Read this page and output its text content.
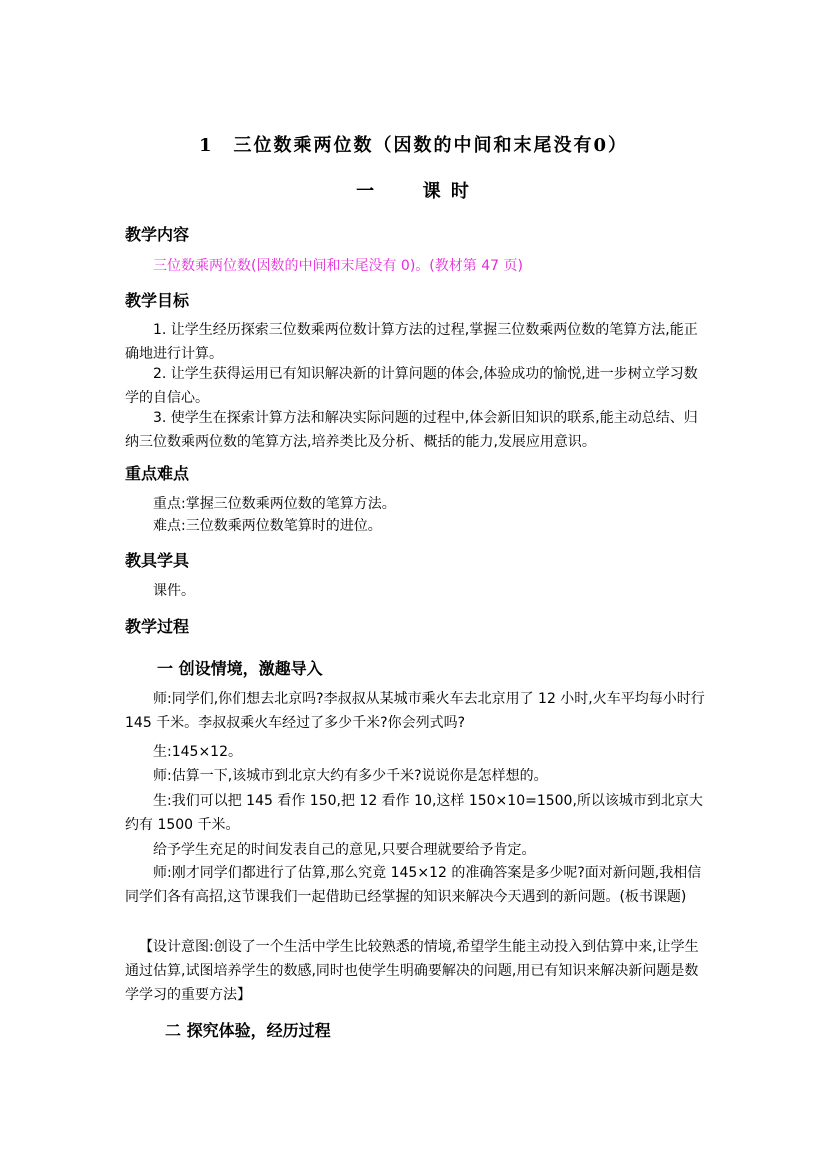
1　三位数乘两位数（因数的中间和末尾没有0）
一	课 时
教学内容
三位数乘两位数(因数的中间和末尾没有 0)。(教材第 47 页)
教学目标
1. 让学生经历探索三位数乘两位数计算方法的过程,掌握三位数乘两位数的笔算方法,能正确地进行计算。
2. 让学生获得运用已有知识解决新的计算问题的体会,体验成功的愉悦,进一步树立学习数学的自信心。
3. 使学生在探索计算方法和解决实际问题的过程中,体会新旧知识的联系,能主动总结、归纳三位数乘两位数的笔算方法,培养类比及分析、概括的能力,发展应用意识。
重点难点
重点:掌握三位数乘两位数的笔算方法。
难点:三位数乘两位数笔算时的进位。
教具学具
课件。
教学过程
一 创设情境，激趣导入
师:同学们,你们想去北京吗?李叔叔从某城市乘火车去北京用了 12 小时,火车平均每小时行 145 千米。李叔叔乘火车经过了多少千米?你会列式吗?
生:145×12。
师:估算一下,该城市到北京大约有多少千米?说说你是怎样想的。
生:我们可以把 145 看作 150,把 12 看作 10,这样 150×10=1500,所以该城市到北京大约有 1500 千米。
给予学生充足的时间发表自己的意见,只要合理就要给予肯定。
师:刚才同学们都进行了估算,那么究竟 145×12 的准确答案是多少呢?面对新问题,我相信同学们各有高招,这节课我们一起借助已经掌握的知识来解决今天遇到的新问题。(板书课题)
【设计意图:创设了一个生活中学生比较熟悉的情境,希望学生能主动投入到估算中来,让学生通过估算,试图培养学生的数感,同时也使学生明确要解决的问题,用已有知识来解决新问题是数学学习的重要方法】
二 探究体验，经历过程
